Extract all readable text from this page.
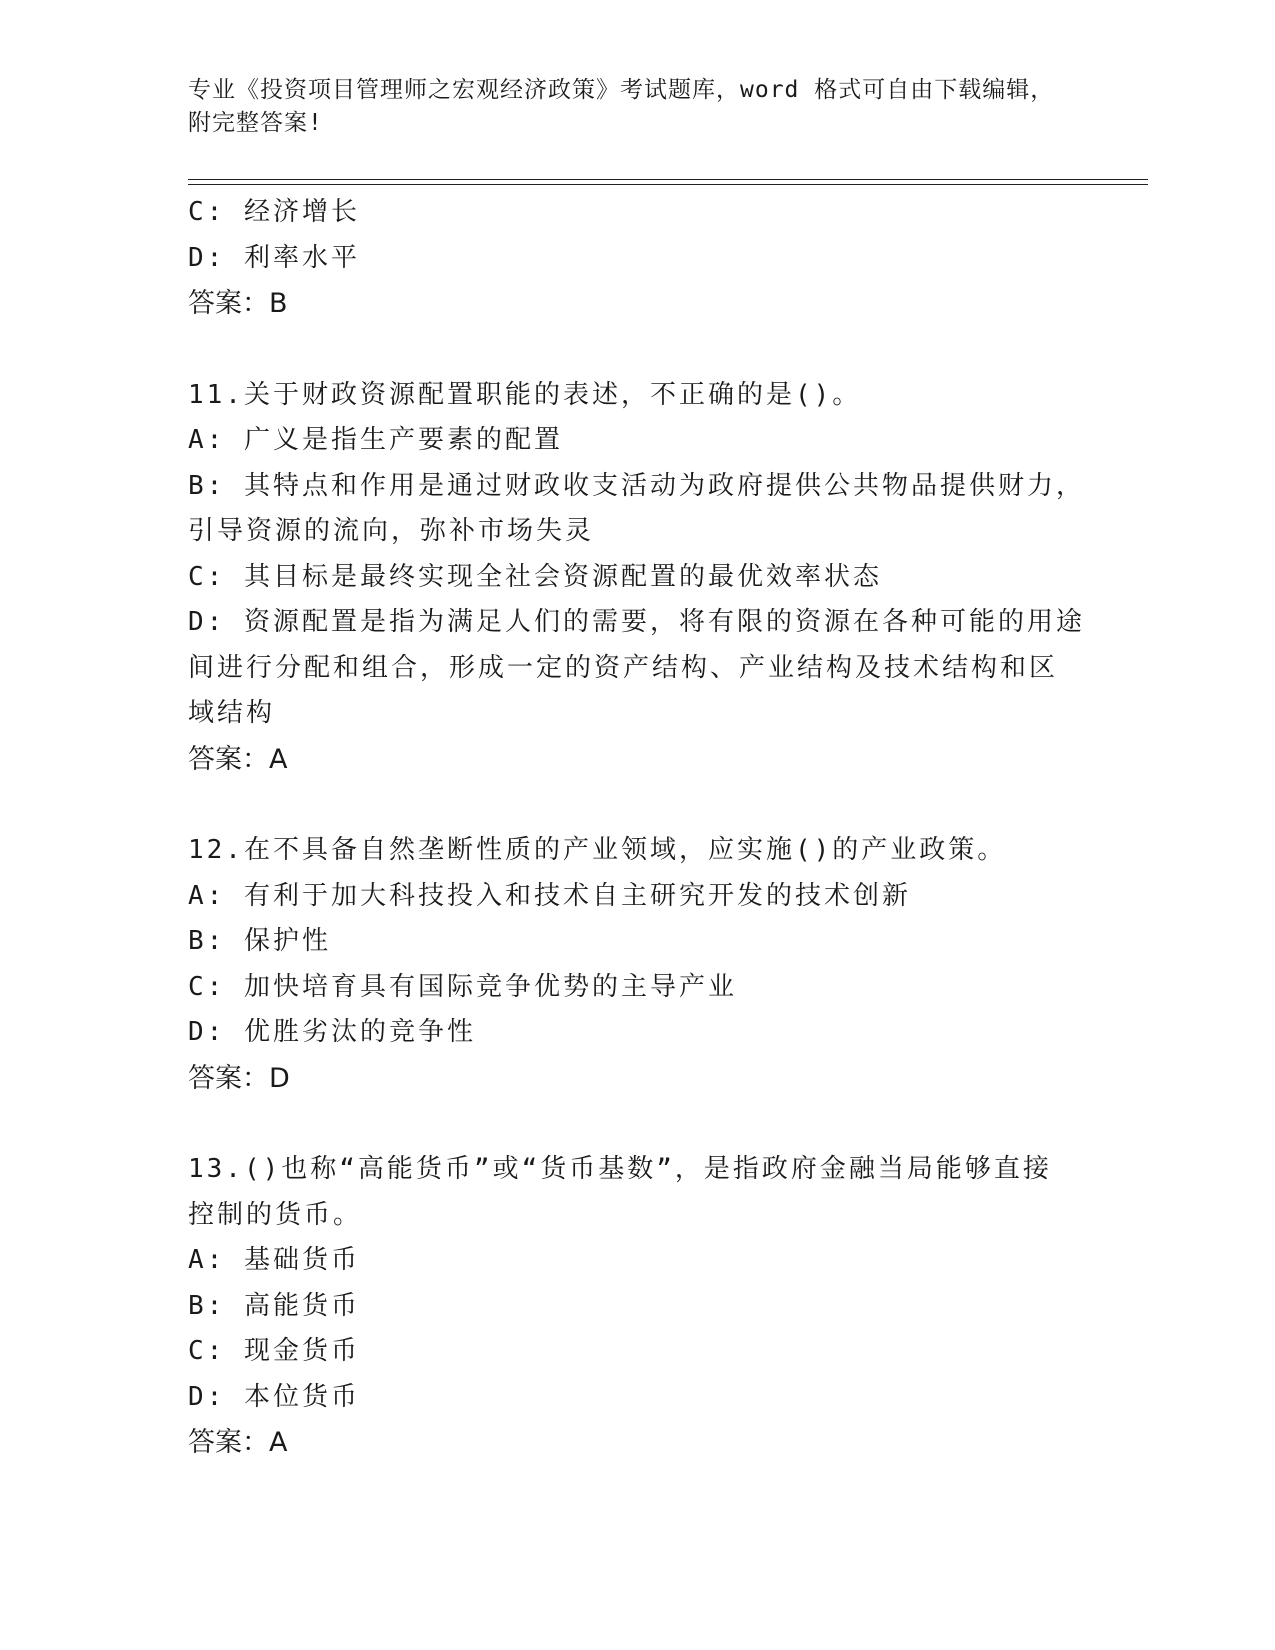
专业《投资项目管理师之宏观经济政策》考试题库，word 格式可自由下载编辑，
附完整答案!
C: 经济增长
D: 利率水平
答案：B
11.关于财政资源配置职能的表述，不正确的是()。
A: 广义是指生产要素的配置
B: 其特点和作用是通过财政收支活动为政府提供公共物品提供财力，
引导资源的流向，弥补市场失灵
C: 其目标是最终实现全社会资源配置的最优效率状态
D: 资源配置是指为满足人们的需要，将有限的资源在各种可能的用途
间进行分配和组合，形成一定的资产结构、产业结构及技术结构和区
域结构
答案：A
12.在不具备自然垄断性质的产业领域，应实施()的产业政策。
A: 有利于加大科技投入和技术自主研究开发的技术创新
B: 保护性
C: 加快培育具有国际竞争优势的主导产业
D: 优胜劣汰的竞争性
答案：D
13.()也称“高能货币”或“货币基数”，是指政府金融当局能够直接
控制的货币。
A: 基础货币
B: 高能货币
C: 现金货币
D: 本位货币
答案：A
